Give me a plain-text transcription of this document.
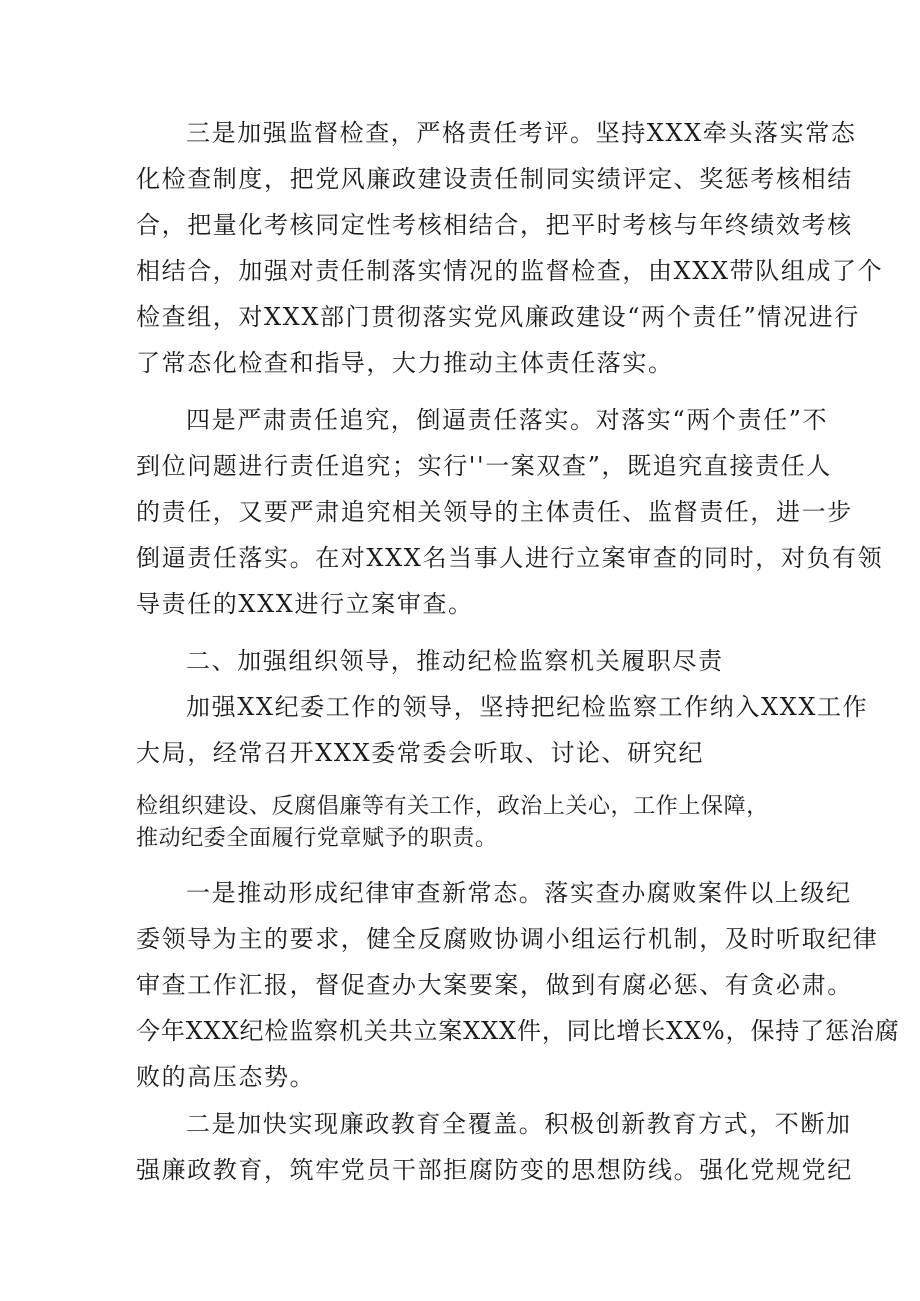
三是加强监督检查，严格责任考评。坚持XXX牵头落实常态

化检查制度，把党风廉政建设责任制同实绩评定、奖惩考核相结

合，把量化考核同定性考核相结合，把平时考核与年终绩效考核

相结合，加强对责任制落实情况的监督检查，由XXX带队组成了个

检查组，对XXX部门贯彻落实党风廉政建设“两个责任”情况进行

了常态化检查和指导，大力推动主体责任落实。

四是严肃责任追究，倒逼责任落实。对落实“两个责任”不

到位问题进行责任追究；实行''一案双查”，既追究直接责任人

的责任，又要严肃追究相关领导的主体责任、监督责任，进一步

倒逼责任落实。在对XXX名当事人进行立案审查的同时，对负有领

导责任的XXX进行立案审查。

二、加强组织领导，推动纪检监察机关履职尽责

加强XX纪委工作的领导，坚持把纪检监察工作纳入XXX工作

大局，经常召开XXX委常委会听取、讨论、研究纪

检组织建设、反腐倡廉等有关工作，政治上关心，工作上保障，

推动纪委全面履行党章赋予的职责。

一是推动形成纪律审查新常态。落实查办腐败案件以上级纪

委领导为主的要求，健全反腐败协调小组运行机制，及时听取纪律

审查工作汇报，督促查办大案要案，做到有腐必惩、有贪必肃。

今年XXX纪检监察机关共立案XXX件，同比增长XX%，保持了惩治腐

败的高压态势。

二是加快实现廉政教育全覆盖。积极创新教育方式，不断加

强廉政教育，筑牢党员干部拒腐防变的思想防线。强化党规党纪
